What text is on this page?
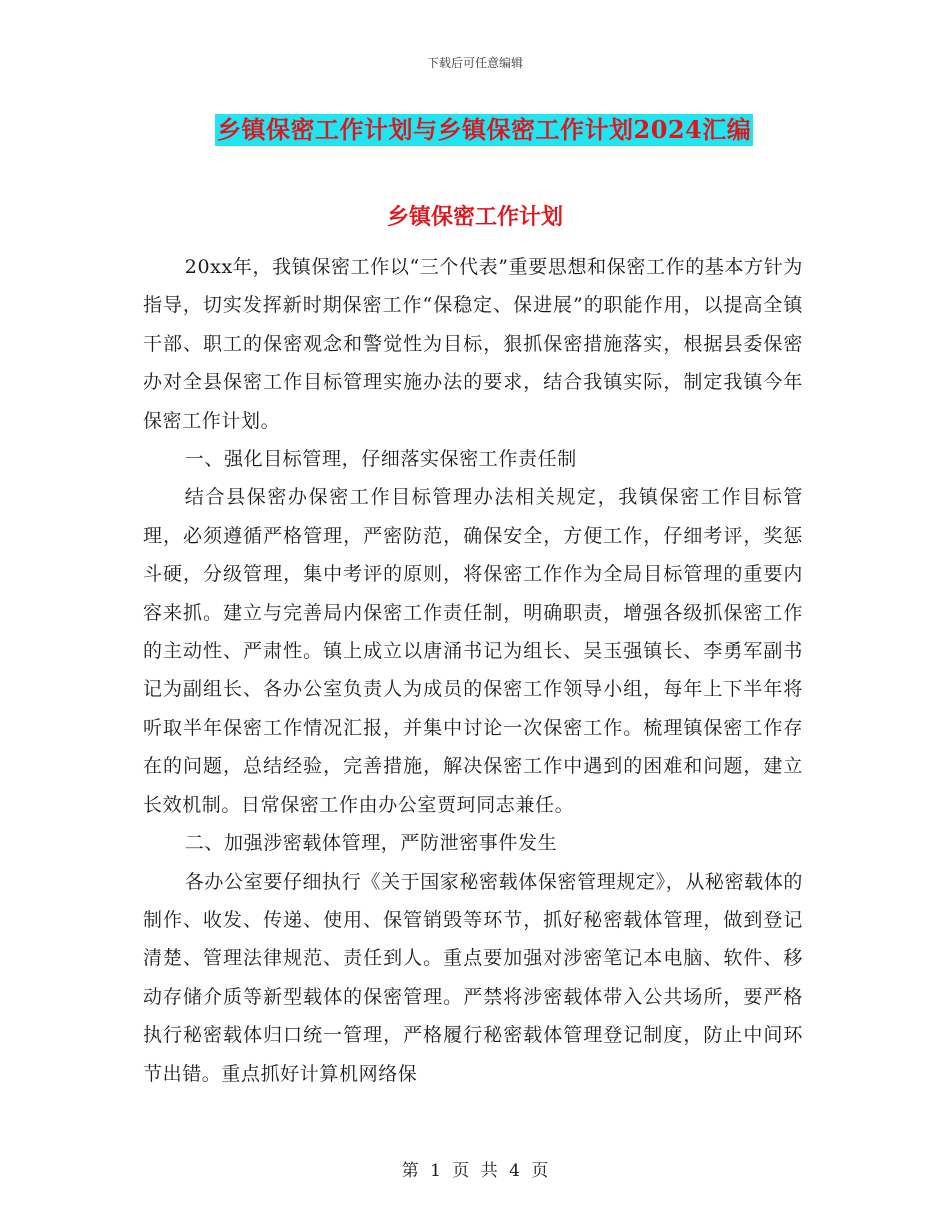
下载后可任意编辑
乡镇保密工作计划与乡镇保密工作计划2024汇编
乡镇保密工作计划

20xx年，我镇保密工作以“三个代表”重要思想和保密工作的基本方针为指导，切实发挥新时期保密工作“保稳定、保进展”的职能作用，以提高全镇干部、职工的保密观念和警觉性为目标，狠抓保密措施落实，根据县委保密办对全县保密工作目标管理实施办法的要求，结合我镇实际，制定我镇今年保密工作计划。

一、强化目标管理，仔细落实保密工作责任制

结合县保密办保密工作目标管理办法相关规定，我镇保密工作目标管理，必须遵循严格管理，严密防范，确保安全，方便工作，仔细考评，奖惩斗硬，分级管理，集中考评的原则，将保密工作作为全局目标管理的重要内容来抓。建立与完善局内保密工作责任制，明确职责，增强各级抓保密工作的主动性、严肃性。镇上成立以唐涌书记为组长、吴玉强镇长、李勇军副书记为副组长、各办公室负责人为成员的保密工作领导小组，每年上下半年将听取半年保密工作情况汇报，并集中讨论一次保密工作。梳理镇保密工作存在的问题，总结经验，完善措施，解决保密工作中遇到的困难和问题，建立长效机制。日常保密工作由办公室贾珂同志兼任。

二、加强涉密载体管理，严防泄密事件发生

各办公室要仔细执行《关于国家秘密载体保密管理规定》，从秘密载体的制作、收发、传递、使用、保管销毁等环节，抓好秘密载体管理，做到登记清楚、管理法律规范、责任到人。重点要加强对涉密笔记本电脑、软件、移动存储介质等新型载体的保密管理。严禁将涉密载体带入公共场所，要严格执行秘密载体归口统一管理，严格履行秘密载体管理登记制度，防止中间环节出错。重点抓好计算机网络保

第 1 页 共 4 页
